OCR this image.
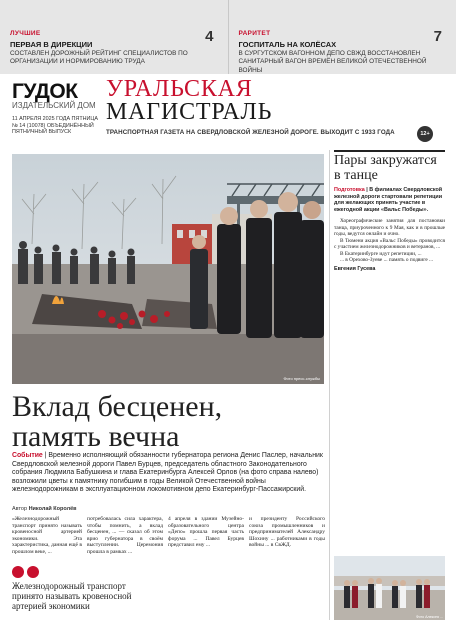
ЛУЧШИЕ
ПЕРВАЯ В ДИРЕКЦИИ
СОСТАВЛЕН ДОРОЖНЫЙ РЕЙТИНГ СПЕЦИАЛИСТОВ ПО ОРГАНИЗАЦИИ И НОРМИРОВАНИЮ ТРУДА
4	РАРИТЕТ
ГОСПИТАЛЬ НА КОЛЁСАХ
В СУРГУТСКОМ ВАГОННОМ ДЕПО СВЖД ВОССТАНОВЛЕН САНИТАРНЫЙ ВАГОН ВРЕМЁН ВЕЛИКОЙ ОТЕЧЕСТВЕННОЙ ВОЙНЫ
7
ГУДОК
ИЗДАТЕЛЬСКИЙ ДОМ
11 АПРЕЛЯ 2025 ГОДА ПЯТНИЦА № 14 (10078) ОБЪЕДИНЁННЫЙ ПЯТНИЧНЫЙ ВЫПУСК
УРАЛЬСКАЯ
МАГИСТРАЛЬ
ТРАНСПОРТНАЯ ГАЗЕТА НА СВЕРДЛОВСКОЙ ЖЕЛЕЗНОЙ ДОРОГЕ. ВЫХОДИТ С 1933 ГОДА	12+
Фото пресс-службы
Вклад бесценен,
память вечна
Событие | Временно исполняющий обязанности губернатора региона Денис Паслер, начальник Свердловской железной дороги Павел Бурцев, председатель областного Законодательного собрания Людмила Бабушкина и глава Екатеринбурга Алексей Орлов (на фото справа налево) возложили цветы к памятнику погибшим в годы Великой Отечественной войны железнодорожникам в эксплуатационном локомотивном депо Екатеринбург-Пассажирский.
Автор Николай Королёв
«Железнодорожный транспорт принято называть кровеносной артерией экономики. Эта характеристика, данная ещё в прошлом веке, ...
потребовалась сила характера, чтобы помнить, а вклад бесценен, ... — сказал об этом врио губернатора в своём выступлении. Церемония прошла в рамках ...
4 апреля в здании Музейно-образовательного центра «Депо» прошла первая часть форума ... Павел Бурцев представил ему ...
и президенту Российского союза промышленников и предпринимателей Александру Шохину ... работниками в годы войны ... в СвЖД.
Железнодорожный транспорт принято называть кровеносной артерией экономики
Пары закружатся в танце
Подготовка | В филиалах Свердловской железной дороги стартовали репетиции для желающих принять участие в ежегодной акции «Вальс Победы».

Хореографические занятия для постановки танца, приуроченного к 9 Мая, как и в прошлые годы, ведутся онлайн и очно.

В Тюмени акция «Вальс Победы» проводится с участием железнодорожников и ветеранов, ...

В Екатеринбурге идут репетиции, ...

... в Орехово-Зуеве ... память о подвиге ...

Евгения Гусева
Фото Алексея ...
